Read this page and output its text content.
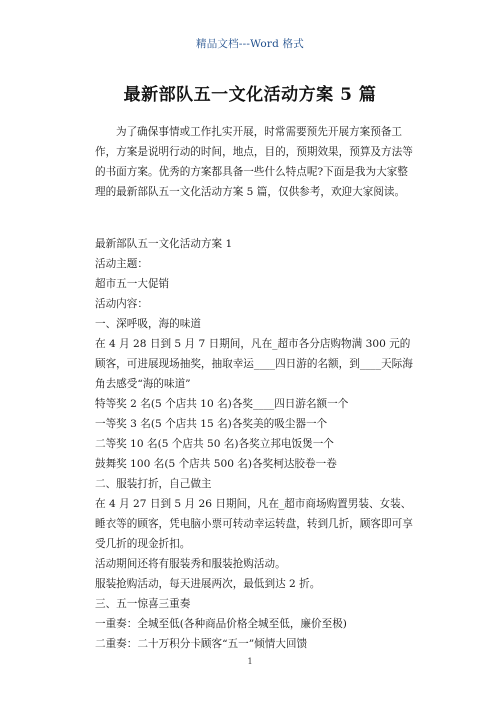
精品文档---Word 格式
最新部队五一文化活动方案 5 篇

为了确保事情或工作扎实开展，时常需要预先开展方案预备工作，方案是说明行动的时间，地点，目的，预期效果，预算及方法等的书面方案。优秀的方案都具备一些什么特点呢?下面是我为大家整理的最新部队五一文化活动方案 5 篇，仅供参考，欢迎大家阅读。

最新部队五一文化活动方案 1

活动主题：

超市五一大促销

活动内容：

一、深呼吸，海的味道

在 4 月 28 日到 5 月 7 日期间，凡在_超市各分店购物满 300 元的顾客，可进展现场抽奖，抽取幸运____四日游的名额，到____天际海角去感受“海的味道”

特等奖 2 名(5 个店共 10 名)各奖____四日游名额一个

一等奖 3 名(5 个店共 15 名)各奖美的吸尘器一个

二等奖 10 名(5 个店共 50 名)各奖立邦电饭煲一个

鼓舞奖 100 名(5 个店共 500 名)各奖柯达胶卷一卷

二、服装打折，自己做主

在 4 月 27 日到 5 月 26 日期间，凡在_超市商场购置男装、女装、睡衣等的顾客，凭电脑小票可转动幸运转盘，转到几折，顾客即可享受几折的现金折扣。

活动期间还将有服装秀和服装抢购活动。

服装抢购活动，每天进展两次，最低到达 2 折。

三、五一惊喜三重奏

一重奏：全城至低(各种商品价格全城至低，廉价至极)

二重奏：二十万积分卡顾客“五一”倾情大回馈

1
